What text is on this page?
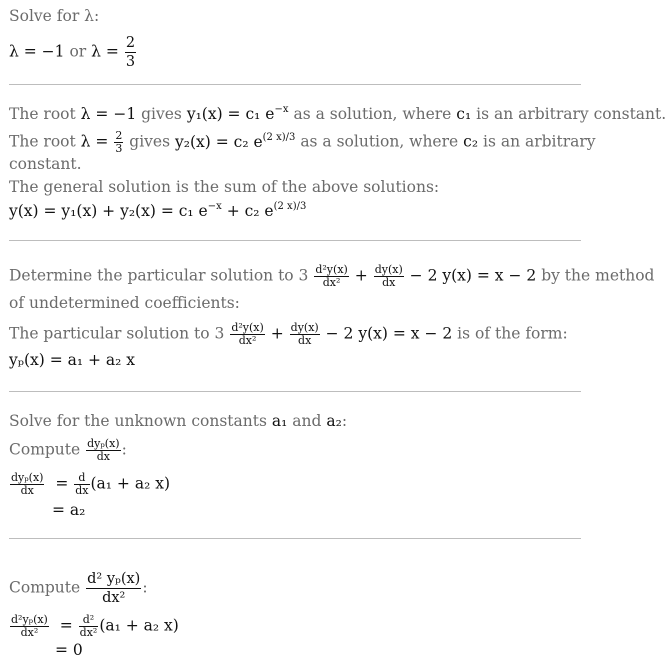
Solve for λ:
λ = −1 or $\lambda = \frac{2}{3}$
The root λ = −1 gives y₁(x) = c₁ $e^{-x}$ as a solution, where c₁ is an arbitrary constant.
The root $\lambda = \frac{2}{3}$ gives y₂(x) = c₂ $e^{(2 x)/3}$ as a solution, where c₂ is an arbitrary
constant.
The general solution is the sum of the above solutions:
y(x) = y₁(x) + y₂(x) = c₁ $e^{-x} + c_2$ $e^{(2 x)/3}$
Determine the particular solution to $3 \frac{\text{d²y(x)}}{\text{dx²}} + \frac{dy(x)}{dx} - 2$ y(x) = x − 2 by the method
of undetermined coefficients:
The particular solution to $3 \frac{\text{d²y(x)}}{\text{dx²}} + \frac{dy(x)}{dx} - 2$ y(x) = x − 2 is of the form:
yₚ(x) = a₁ + a₂ x
Solve for the unknown constants a₁ and a₂:
Compute $\frac{\text{dyₚ(x)}}{dx}$ :
$\frac{\text{dyₚ(x)}}{dx} = \frac{d}{dx} (a_1 + a_2$ x)
= a₂
Compute $\frac{\text{d² yₚ(x)}}{\text{dx²}}$ :
$\frac{\text{d²yₚ(x)}}{\text{dx²}} = \frac{\text{d²}}{\text{dx²}} (a_1 + a_2$ x)
= 0
